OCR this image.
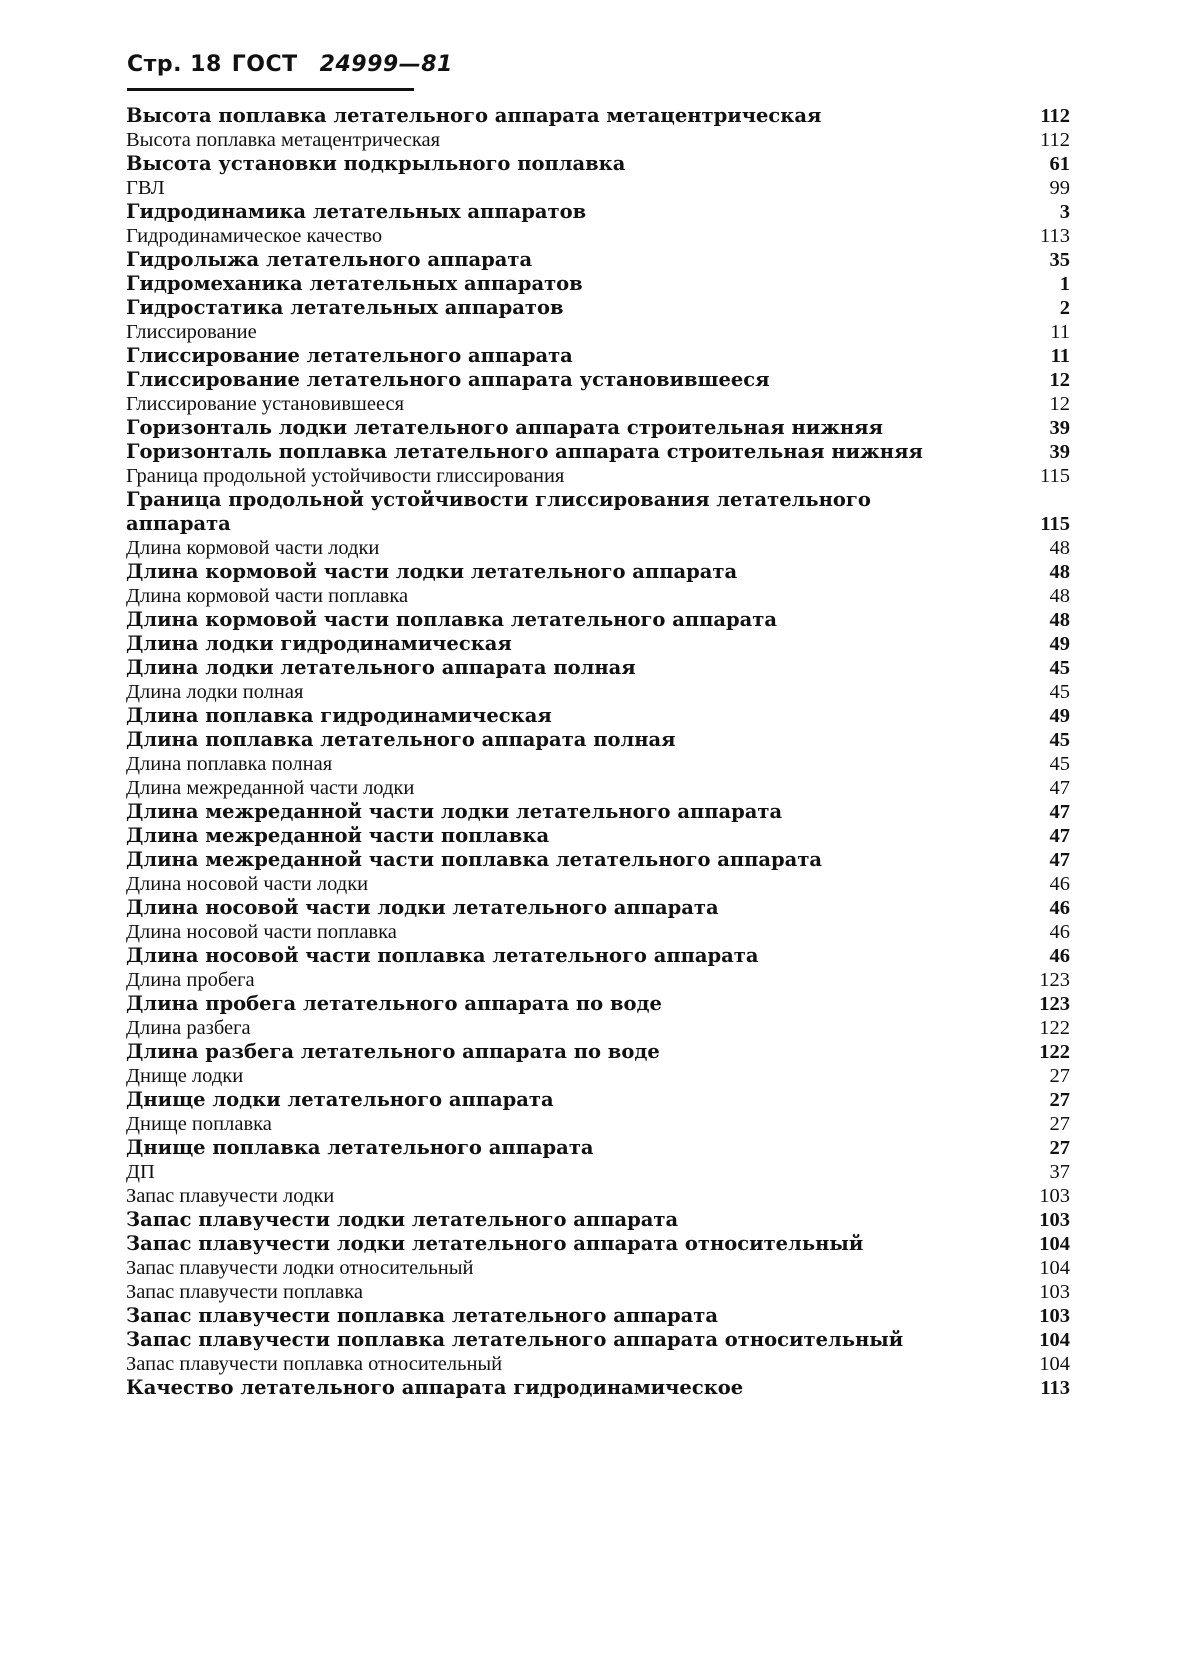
Стр. 18 ГОСТ 24999—81
Высота поплавка летательного аппарата метацентрическая	112
Высота поплавка метацентрическая	112
Высота установки подкрыльного поплавка	61
ГВЛ	99
Гидродинамика летательных аппаратов	3
Гидродинамическое качество	113
Гидролыжа летательного аппарата	35
Гидромеханика летательных аппаратов	1
Гидростатика летательных аппаратов	2
Глиссирование	11
Глиссирование летательного аппарата	11
Глиссирование летательного аппарата установившееся	12
Глиссирование установившееся	12
Горизонталь лодки летательного аппарата строительная нижняя	39
Горизонталь поплавка летательного аппарата строительная нижняя	39
Граница продольной устойчивости глиссирования	115
Граница продольной устойчивости глиссирования летательного аппарата	115
Длина кормовой части лодки	48
Длина кормовой части лодки летательного аппарата	48
Длина кормовой части поплавка	48
Длина кормовой части поплавка летательного аппарата	48
Длина лодки гидродинамическая	49
Длина лодки летательного аппарата полная	45
Длина лодки полная	45
Длина поплавка гидродинамическая	49
Длина поплавка летательного аппарата полная	45
Длина поплавка полная	45
Длина межреданной части лодки	47
Длина межреданной части лодки летательного аппарата	47
Длина межреданной части поплавка	47
Длина межреданной части поплавка летательного аппарата	47
Длина носовой части лодки	46
Длина носовой части лодки летательного аппарата	46
Длина носовой части поплавка	46
Длина носовой части поплавка летательного аппарата	46
Длина пробега	123
Длина пробега летательного аппарата по воде	123
Длина разбега	122
Длина разбега летательного аппарата по воде	122
Днище лодки	27
Днище лодки летательного аппарата	27
Днище поплавка	27
Днище поплавка летательного аппарата	27
ДП	37
Запас плавучести лодки	103
Запас плавучести лодки летательного аппарата	103
Запас плавучести лодки летательного аппарата относительный	104
Запас плавучести лодки относительный	104
Запас плавучести поплавка	103
Запас плавучести поплавка летательного аппарата	103
Запас плавучести поплавка летательного аппарата относительный	104
Запас плавучести поплавка относительный	104
Качество летательного аппарата гидродинамическое	113
